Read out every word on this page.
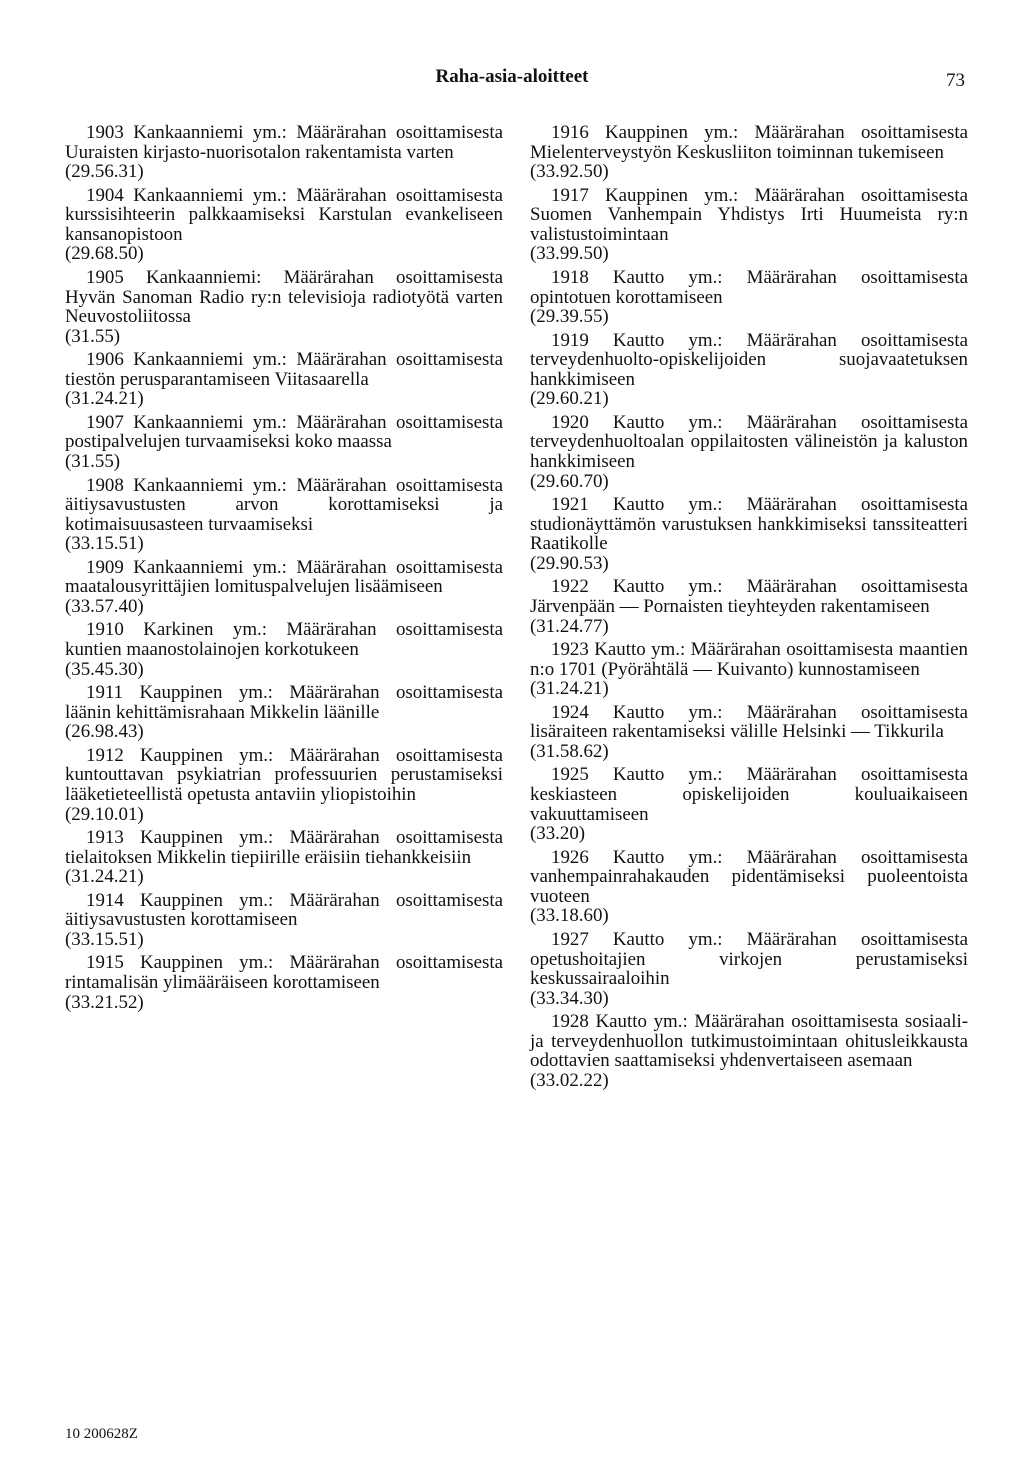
Raha-asia-aloitteet	73
1903 Kankaanniemi ym.: Määrärahan osoittamisesta Uuraisten kirjasto-nuorisotalon rakentamista varten
(29.56.31)
1904 Kankaanniemi ym.: Määrärahan osoittamisesta kurssisihteerin palkkaamiseksi Karstulan evankeliseen kansanopistoon
(29.68.50)
1905 Kankaanniemi: Määrärahan osoittamisesta Hyvän Sanoman Radio ry:n televisioja radiotyötä varten Neuvostoliitossa
(31.55)
1906 Kankaanniemi ym.: Määrärahan osoittamisesta tiestön perusparantamiseen Viitasaarella
(31.24.21)
1907 Kankaanniemi ym.: Määrärahan osoittamisesta postipalvelujen turvaamiseksi koko maassa
(31.55)
1908 Kankaanniemi ym.: Määrärahan osoittamisesta äitiysavustusten arvon korottamiseksi ja kotimaisuusasteen turvaamiseksi
(33.15.51)
1909 Kankaanniemi ym.: Määrärahan osoittamisesta maatalousyrittäjien lomituspalvelujen lisäämiseen
(33.57.40)
1910 Karkinen ym.: Määrärahan osoittamisesta kuntien maanostolainojen korkotukeen
(35.45.30)
1911 Kauppinen ym.: Määrärahan osoittamisesta läänin kehittämisrahaan Mikkelin läänille
(26.98.43)
1912 Kauppinen ym.: Määrärahan osoittamisesta kuntouttavan psykiatrian professuurien perustamiseksi lääketieteellistä opetusta antaviin yliopistoihin
(29.10.01)
1913 Kauppinen ym.: Määrärahan osoittamisesta tielaitoksen Mikkelin tiepiirille eräisiin tiehankkeisiin
(31.24.21)
1914 Kauppinen ym.: Määrärahan osoittamisesta äitiysavustusten korottamiseen
(33.15.51)
1915 Kauppinen ym.: Määrärahan osoittamisesta rintamalisän ylimääräiseen korottamiseen
(33.21.52)
1916 Kauppinen ym.: Määrärahan osoittamisesta Mielenterveystyön Keskusliiton toiminnan tukemiseen
(33.92.50)
1917 Kauppinen ym.: Määrärahan osoittamisesta Suomen Vanhempain Yhdistys Irti Huumeista ry:n valistustoimintaan
(33.99.50)
1918 Kautto ym.: Määrärahan osoittamisesta opintotuen korottamiseen
(29.39.55)
1919 Kautto ym.: Määrärahan osoittamisesta terveydenhuolto-opiskelijoiden suojavaatetuksen hankkimiseen
(29.60.21)
1920 Kautto ym.: Määrärahan osoittamisesta terveydenhuoltoalan oppilaitosten välineistön ja kaluston hankkimiseen
(29.60.70)
1921 Kautto ym.: Määrärahan osoittamisesta studionäyttämön varustuksen hankkimiseksi tanssiteatteri Raatikolle
(29.90.53)
1922 Kautto ym.: Määrärahan osoittamisesta Järvenpään — Pornaisten tieyhteyden rakentamiseen
(31.24.77)
1923 Kautto ym.: Määrärahan osoittamisesta maantien n:o 1701 (Pyörähtälä — Kuivanto) kunnostamiseen
(31.24.21)
1924 Kautto ym.: Määrärahan osoittamisesta lisäraiteen rakentamiseksi välille Helsinki — Tikkurila
(31.58.62)
1925 Kautto ym.: Määrärahan osoittamisesta keskiasteen opiskelijoiden kouluaikaiseen vakuuttamiseen
(33.20)
1926 Kautto ym.: Määrärahan osoittamisesta vanhempainrahakauden pidentämiseksi puoleentoista vuoteen
(33.18.60)
1927 Kautto ym.: Määrärahan osoittamisesta opetushoitajien virkojen perustamiseksi keskussairaaloihin
(33.34.30)
1928 Kautto ym.: Määrärahan osoittamisesta sosiaali- ja terveydenhuollon tutkimustoimintaan ohitusleikkausta odottavien saattamiseksi yhdenvertaiseen asemaan
(33.02.22)
10 200628Z
